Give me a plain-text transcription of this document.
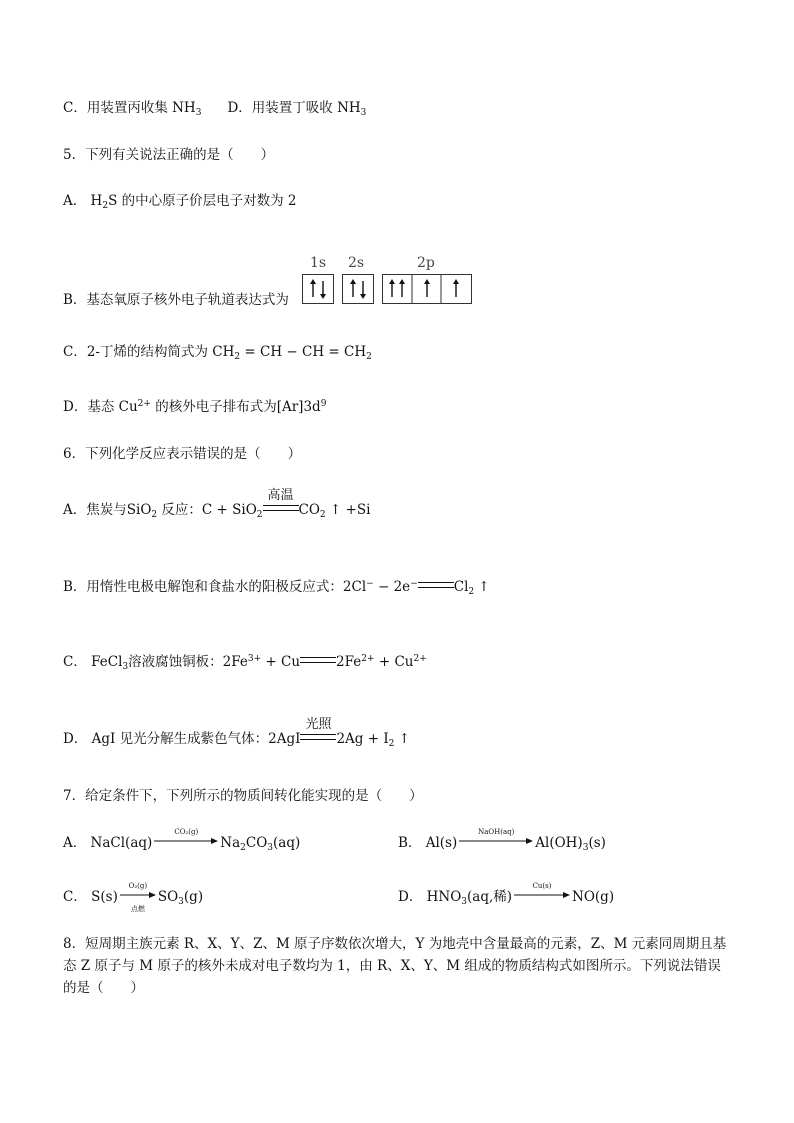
C．用装置丙收集 $NH_3$ D．用装置丁吸收 $NH_3$
5．下列有关说法正确的是（　　）
A． $H_2S$ 的中心原子价层电子对数为 2
1s 2s	2p
B．基态氧原子核外电子轨道表达式为
C．2-丁烯的结构简式为 $CH_2$ = CH − CH = $CH_2$
D．基态 $Cu^{2+}$ 的核外电子排布式为$[Ar]3d^9$
6．下列化学反应表示错误的是（　　）
A．焦炭与SiO$_2$ 反应：C + SiO$_2$
高温
$CO_2$ ↑ +Si
B．用惰性电极电解饱和食盐水的阳极反应式：2Cl− − 2e−	$Cl_2$ ↑
C． FeCl$_3$溶液腐蚀铜板：$2Fe^{3+} + Cu$	$2Fe^{2+} + Cu^{2+}$
D． AgI 见光分解生成紫色气体：2AgI
光照
$2Ag + I_2$ ↑
7．给定条件下，下列所示的物质间转化能实现的是（　　）
A． NaCl(aq)
CO₂(g)
$Na_2CO_3(aq)$	B． Al(s)
NaOH(aq)
$Al(OH)_3(s)$
C． S(s)
O₂(g)
点燃
$SO_3(g)$	D． $HNO_3(aq$,稀)
Cu(s)
NO(g)
8．短周期主族元素 R、X、Y、Z、M 原子序数依次增大，Y 为地壳中含量最高的元素，Z、M 元素同周期且基态 Z 原子与 M 原子的核外未成对电子数均为 1，由 R、X、Y、M 组成的物质结构式如图所示。下列说法错误的是（　　）
